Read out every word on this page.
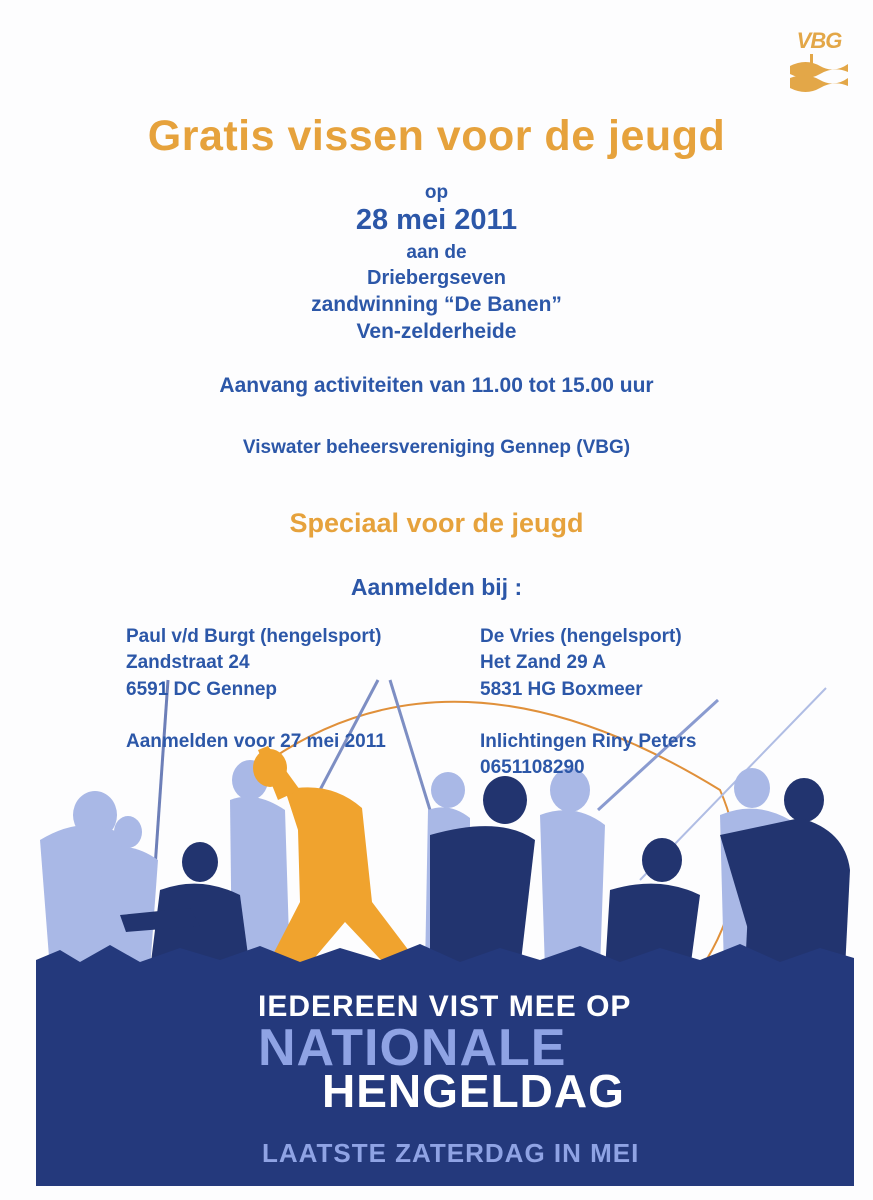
VBG
Gratis vissen voor de jeugd
op
28 mei 2011
aan de
Driebergseven
zandwinning “De Banen”
Ven-zelderheide
Aanvang activiteiten van 11.00 tot 15.00 uur
Viswater beheersvereniging Gennep (VBG)
Speciaal voor de jeugd
Aanmelden bij :
IEDEREEN VIST MEE OP
NATIONALE
HENGELDAG
LAATSTE ZATERDAG IN MEI
Paul v/d Burgt (hengelsport)
Zandstraat 24
6591 DC Gennep
Aanmelden voor 27 mei 2011
De Vries (hengelsport)
Het Zand 29 A
5831 HG Boxmeer
Inlichtingen Riny Peters
0651108290
